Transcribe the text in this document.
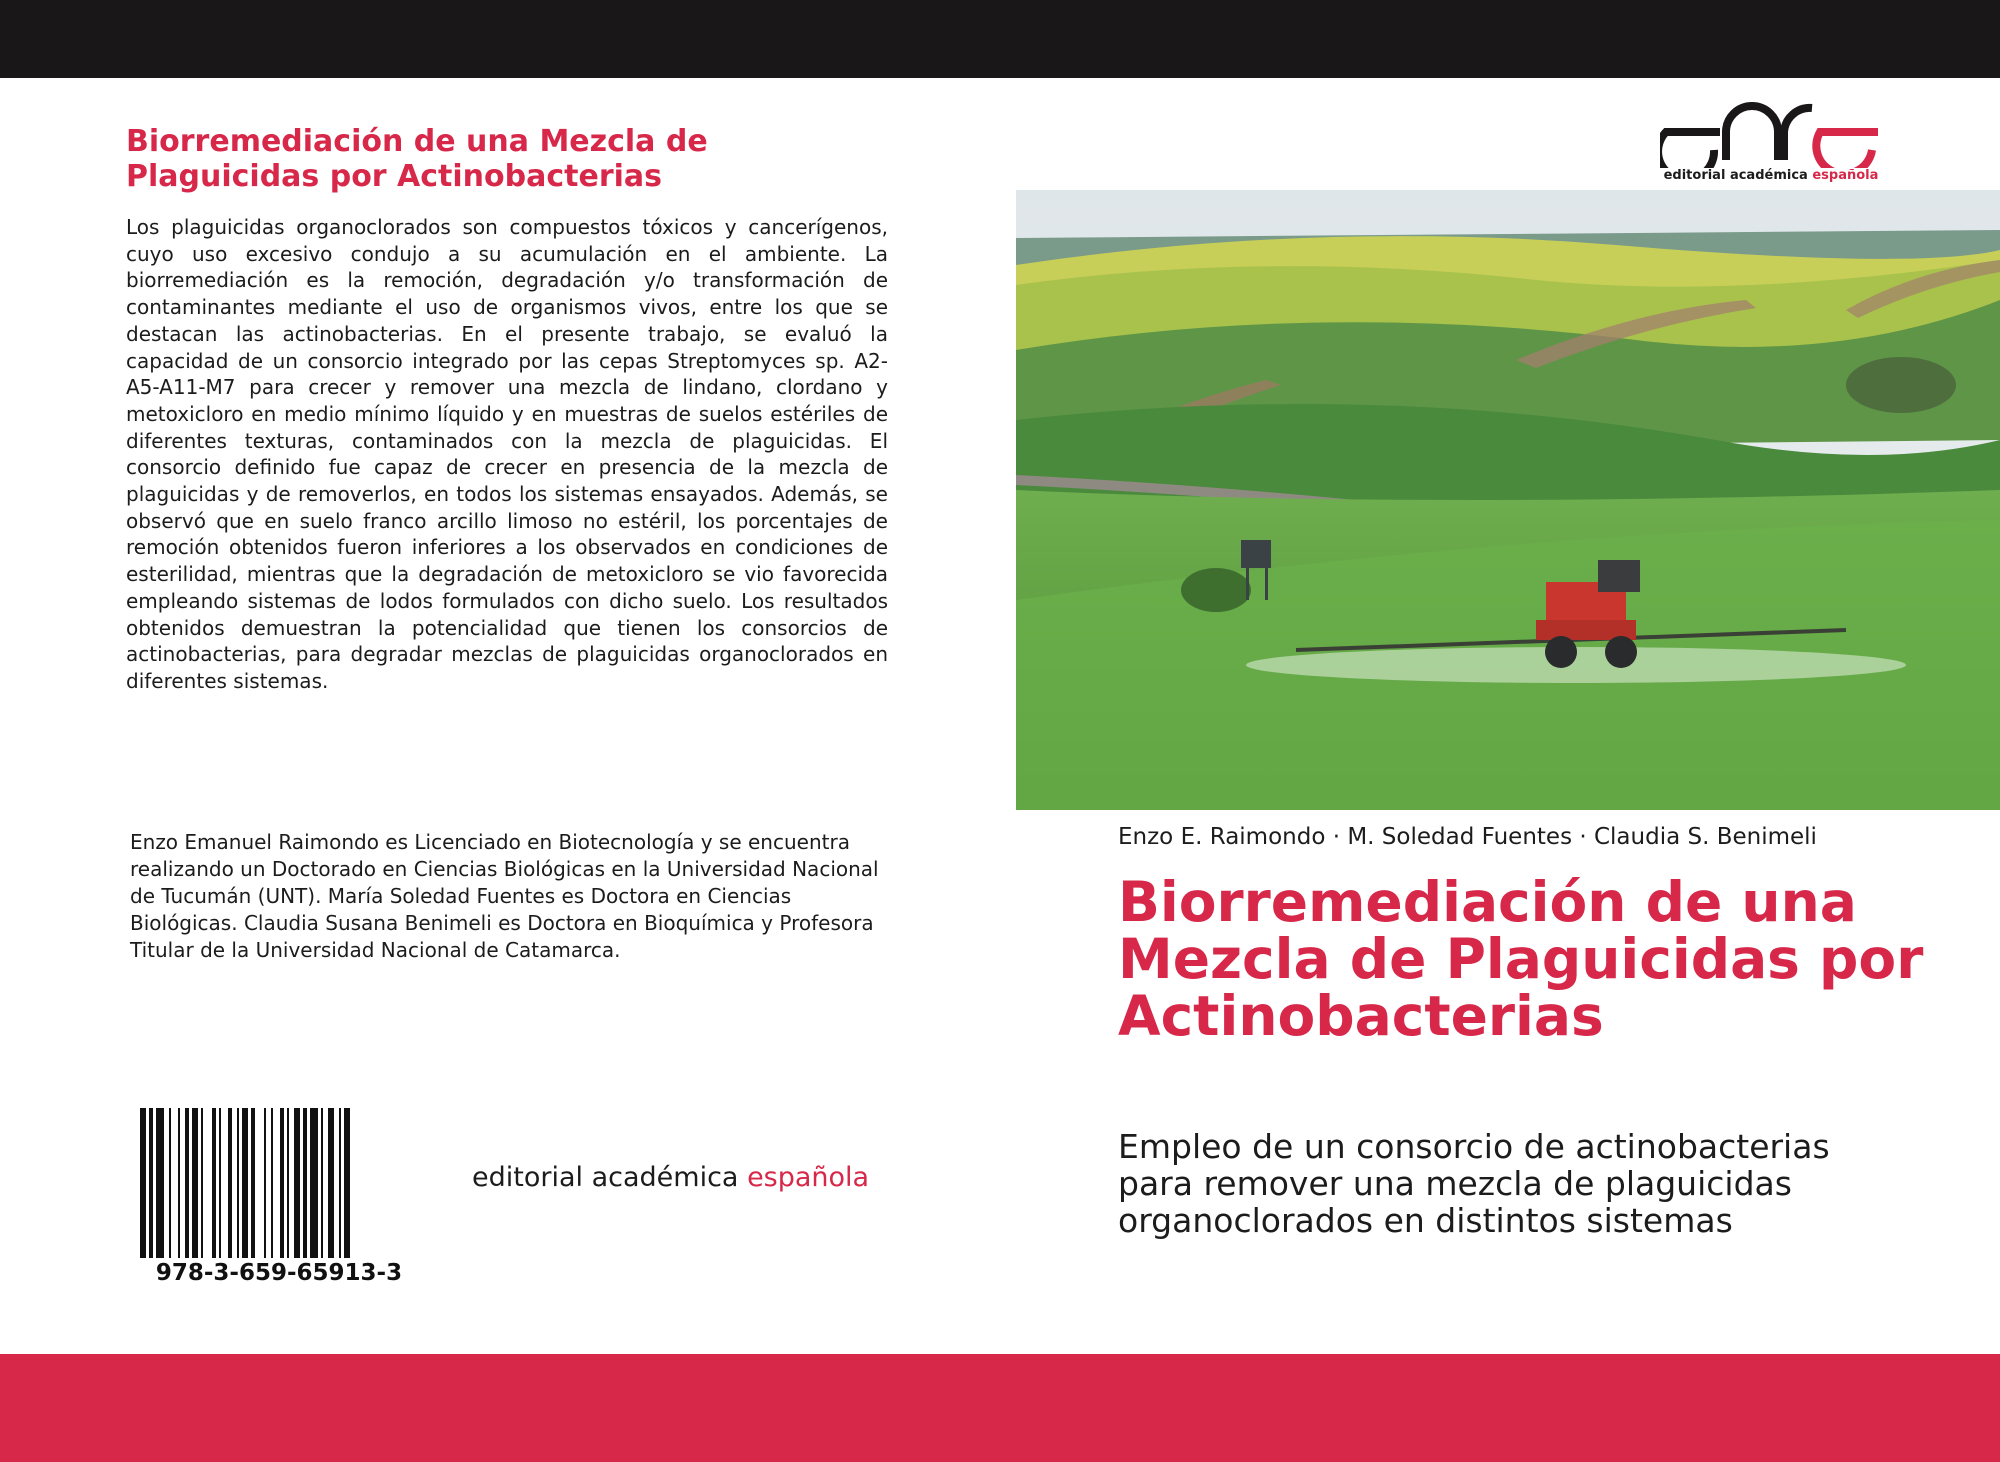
Biorremediación de una Mezcla de Plaguicidas por Actinobacterias

Los plaguicidas organoclorados son compuestos tóxicos y cancerígenos, cuyo uso excesivo condujo a su acumulación en el ambiente. La biorremediación es la remoción, degradación y/o transformación de contaminantes mediante el uso de organismos vivos, entre los que se destacan las actinobacterias. En el presente trabajo, se evaluó la capacidad de un consorcio integrado por las cepas Streptomyces sp. A2-A5-A11-M7 para crecer y remover una mezcla de lindano, clordano y metoxicloro en medio mínimo líquido y en muestras de suelos estériles de diferentes texturas, contaminados con la mezcla de plaguicidas. El consorcio definido fue capaz de crecer en presencia de la mezcla de plaguicidas y de removerlos, en todos los sistemas ensayados. Además, se observó que en suelo franco arcillo limoso no estéril, los porcentajes de remoción obtenidos fueron inferiores a los observados en condiciones de esterilidad, mientras que la degradación de metoxicloro se vio favorecida empleando sistemas de lodos formulados con dicho suelo. Los resultados obtenidos demuestran la potencialidad que tienen los consorcios de actinobacterias, para degradar mezclas de plaguicidas organoclorados en diferentes sistemas.

Enzo Emanuel Raimondo es Licenciado en Biotecnología y se encuentra realizando un Doctorado en Ciencias Biológicas en la Universidad Nacional de Tucumán (UNT). María Soledad Fuentes es Doctora en Ciencias Biológicas. Claudia Susana Benimeli es Doctora en Bioquímica y Profesora Titular de la Universidad Nacional de Catamarca.

978-3-659-65913-3
editorial académica española
editorial académica española
Enzo E. Raimondo · M. Soledad Fuentes · Claudia S. Benimeli
Biorremediación de una Mezcla de Plaguicidas por Actinobacterias

Empleo de un consorcio de actinobacterias para remover una mezcla de plaguicidas organoclorados en distintos sistemas
